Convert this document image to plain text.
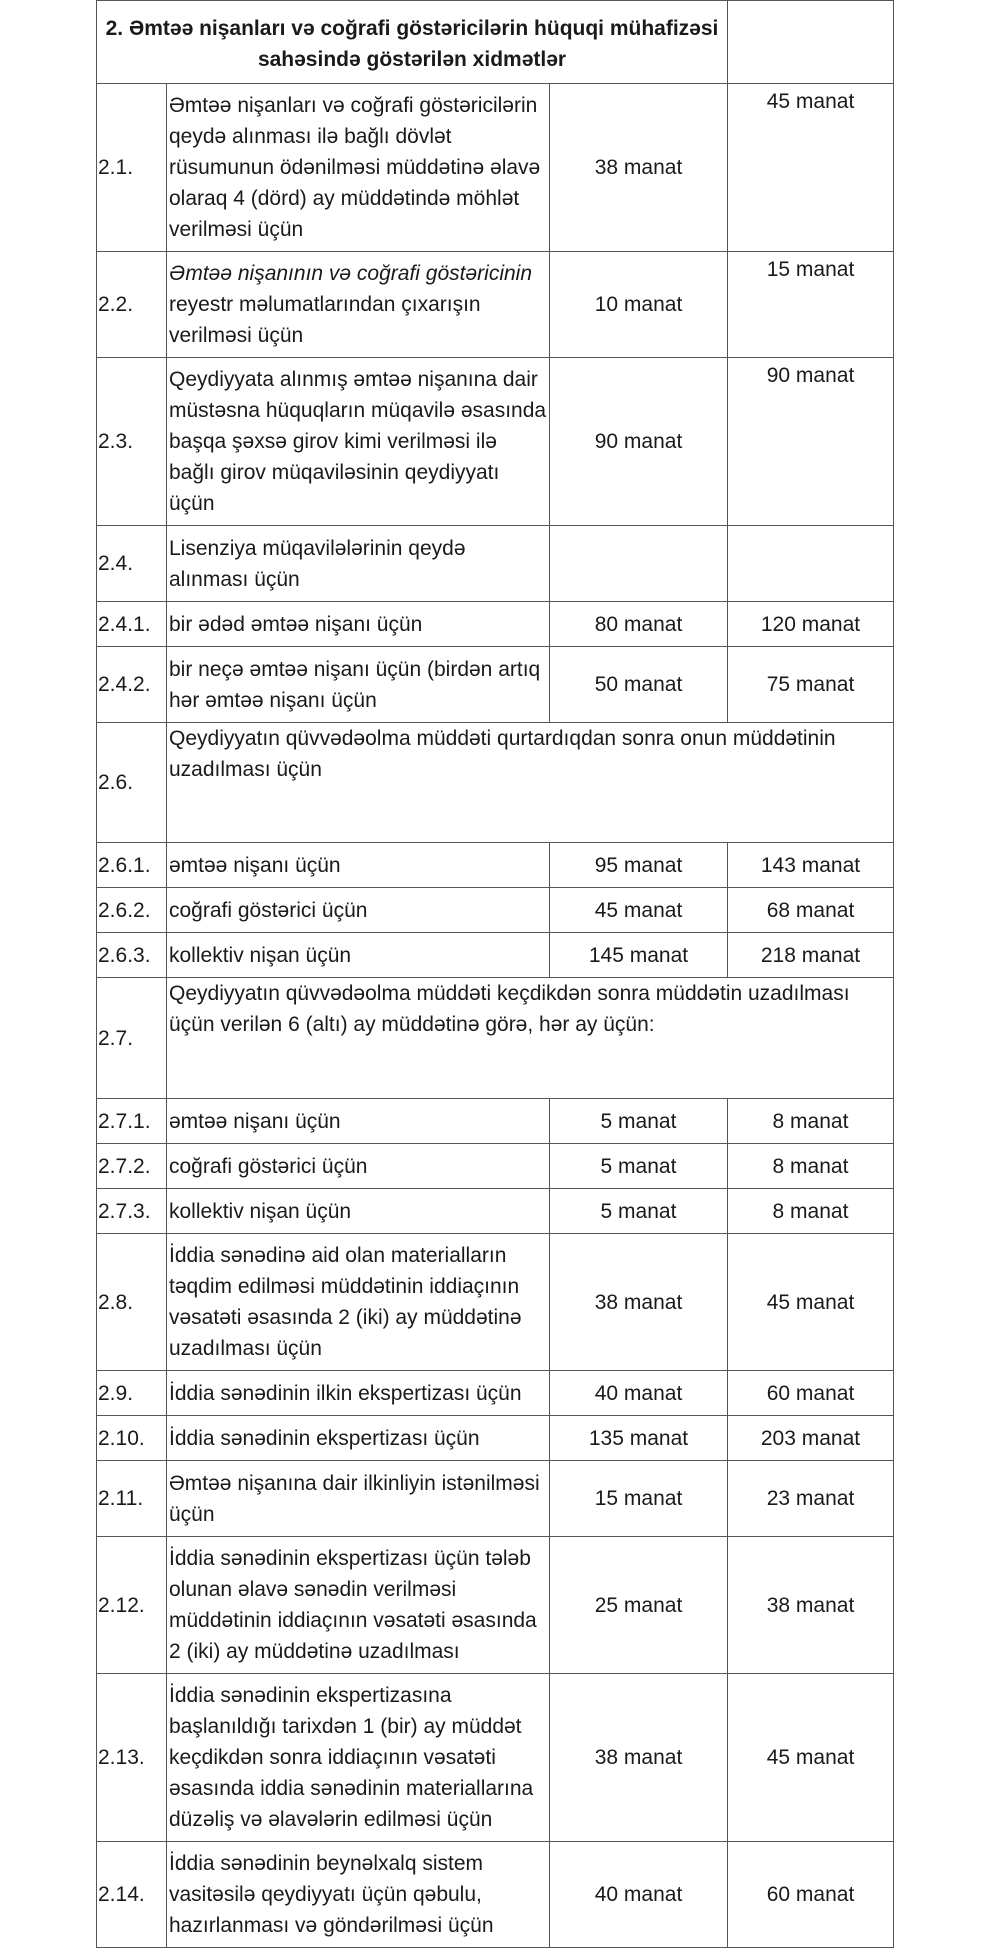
2. Əmtəə nişanları və coğrafi göstəricilərin hüquqi mühafizəsi sahəsində göstərilən xidmətlər			
2.1.	Əmtəə nişanları və coğrafi göstəricilərin qeydə alınması ilə bağlı dövlət rüsumunun ödənilməsi müddətinə əlavə olaraq 4 (dörd) ay müddətində möhlət verilməsi üçün	38 manat	45 manat
2.2.	Əmtəə nişanının və coğrafi göstəricinin reyestr məlumatlarından çıxarışın verilməsi üçün	10 manat	15 manat
2.3.	Qeydiyyata alınmış əmtəə nişanına dair müstəsna hüquqların müqavilə əsasında başqa şəxsə girov kimi verilməsi ilə bağlı girov müqaviləsinin qeydiyyatı üçün	90 manat	90 manat
2.4.	Lisenziya müqavilələrinin qeydə alınması üçün		
2.4.1.	bir ədəd əmtəə nişanı üçün	80 manat	120 manat
2.4.2.	bir neçə əmtəə nişanı üçün (birdən artıq hər əmtəə nişanı üçün	50 manat	75 manat
2.6.	Qeydiyyatın qüvvədəolma müddəti qurtardıqdan sonra onun müddətinin uzadılması üçün		
2.6.1.	əmtəə nişanı üçün	95 manat	143 manat
2.6.2.	coğrafi göstərici üçün	45 manat	68 manat
2.6.3.	kollektiv nişan üçün	145 manat	218 manat
2.7.	Qeydiyyatın qüvvədəolma müddəti keçdikdən sonra müddətin uzadılması üçün verilən 6 (altı) ay müddətinə görə, hər ay üçün:		
2.7.1.	əmtəə nişanı üçün	5 manat	8 manat
2.7.2.	coğrafi göstərici üçün	5 manat	8 manat
2.7.3.	kollektiv nişan üçün	5 manat	8 manat
2.8.	İddia sənədinə aid olan materialların təqdim edilməsi müddətinin iddiaçının vəsatəti əsasında 2 (iki) ay müddətinə uzadılması üçün	38 manat	45 manat
2.9.	İddia sənədinin ilkin ekspertizası üçün	40 manat	60 manat
2.10.	İddia sənədinin ekspertizası üçün	135 manat	203 manat
2.11.	Əmtəə nişanına dair ilkinliyin istənilməsi üçün	15 manat	23 manat
2.12.	İddia sənədinin ekspertizası üçün tələb olunan əlavə sənədin verilməsi müddətinin iddiaçının vəsatəti əsasında 2 (iki) ay müddətinə uzadılması	25 manat	38 manat
2.13.	İddia sənədinin ekspertizasına başlanıldığı tarixdən 1 (bir) ay müddət keçdikdən sonra iddiaçının vəsatəti əsasında iddia sənədinin materiallarına düzəliş və əlavələrin edilməsi üçün	38 manat	45 manat
2.14.	İddia sənədinin beynəlxalq sistem vasitəsilə qeydiyyatı üçün qəbulu, hazırlanması və göndərilməsi üçün	40 manat	60 manat
